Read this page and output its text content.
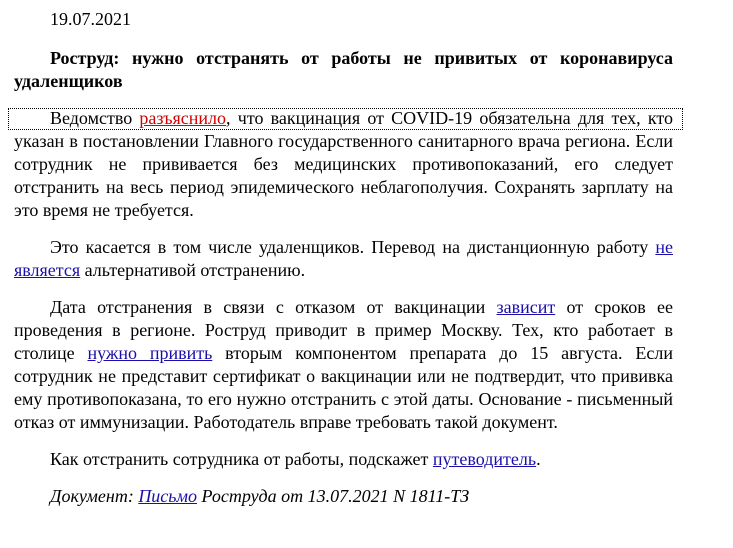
19.07.2021
Роструд: нужно отстранять от работы не привитых от коронавируса удаленщиков

Ведомство разъяснило, что вакцинация от COVID-19 обязательна для тех, кто указан в постановлении Главного государственного санитарного врача региона. Если сотрудник не прививается без медицинских противопоказаний, его следует отстранить на весь период эпидемического неблагополучия. Сохранять зарплату на это время не требуется.

Это касается в том числе удаленщиков. Перевод на дистанционную работу не является альтернативой отстранению.

Дата отстранения в связи с отказом от вакцинации зависит от сроков ее проведения в регионе. Роструд приводит в пример Москву. Тех, кто работает в столице нужно привить вторым компонентом препарата до 15 августа. Если сотрудник не представит сертификат о вакцинации или не подтвердит, что прививка ему противопоказана, то его нужно отстранить с этой даты. Основание - письменный отказ от иммунизации. Работодатель вправе требовать такой документ.

Как отстранить сотрудника от работы, подскажет путеводитель.

Документ: Письмо Роструда от 13.07.2021 N 1811-ТЗ
